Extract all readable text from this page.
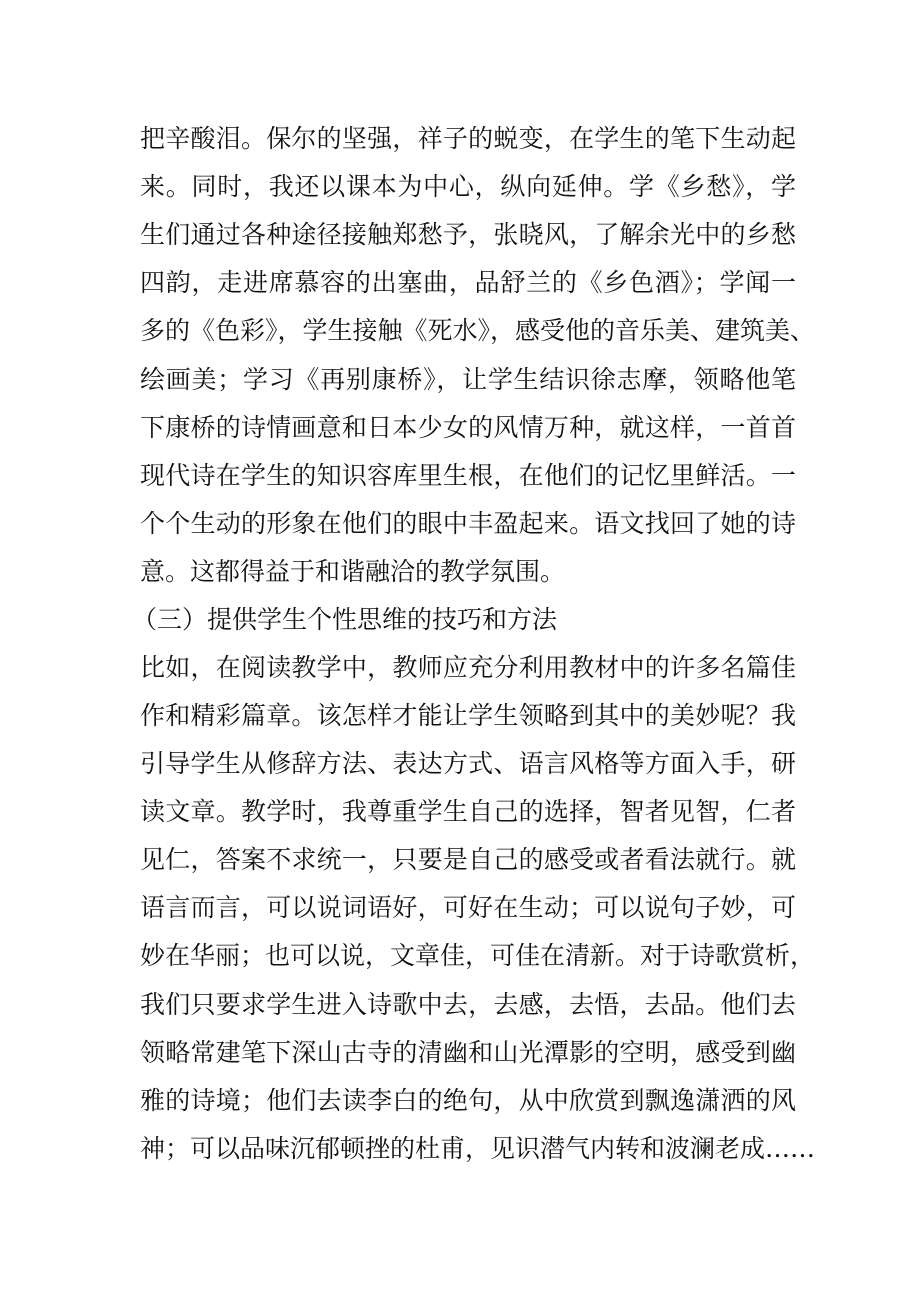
把辛酸泪。保尔的坚强，祥子的蜕变，在学生的笔下生动起
来。同时，我还以课本为中心，纵向延伸。学《乡愁》，学
生们通过各种途径接触郑愁予，张晓风，了解余光中的乡愁
四韵，走进席慕容的出塞曲，品舒兰的《乡色酒》；学闻一
多的《色彩》，学生接触《死水》，感受他的音乐美、建筑美、
绘画美；学习《再别康桥》，让学生结识徐志摩，领略他笔
下康桥的诗情画意和日本少女的风情万种，就这样，一首首
现代诗在学生的知识容库里生根，在他们的记忆里鲜活。一
个个生动的形象在他们的眼中丰盈起来。语文找回了她的诗
意。这都得益于和谐融洽的教学氛围。
（三）提供学生个性思维的技巧和方法
比如，在阅读教学中，教师应充分利用教材中的许多名篇佳
作和精彩篇章。该怎样才能让学生领略到其中的美妙呢？我
引导学生从修辞方法、表达方式、语言风格等方面入手，研
读文章。教学时，我尊重学生自己的选择，智者见智，仁者
见仁，答案不求统一，只要是自己的感受或者看法就行。就
语言而言，可以说词语好，可好在生动；可以说句子妙，可
妙在华丽；也可以说，文章佳，可佳在清新。对于诗歌赏析，
我们只要求学生进入诗歌中去，去感，去悟，去品。他们去
领略常建笔下深山古寺的清幽和山光潭影的空明，感受到幽
雅的诗境；他们去读李白的绝句，从中欣赏到飘逸潇洒的风
神；可以品味沉郁顿挫的杜甫，见识潜气内转和波澜老成……
